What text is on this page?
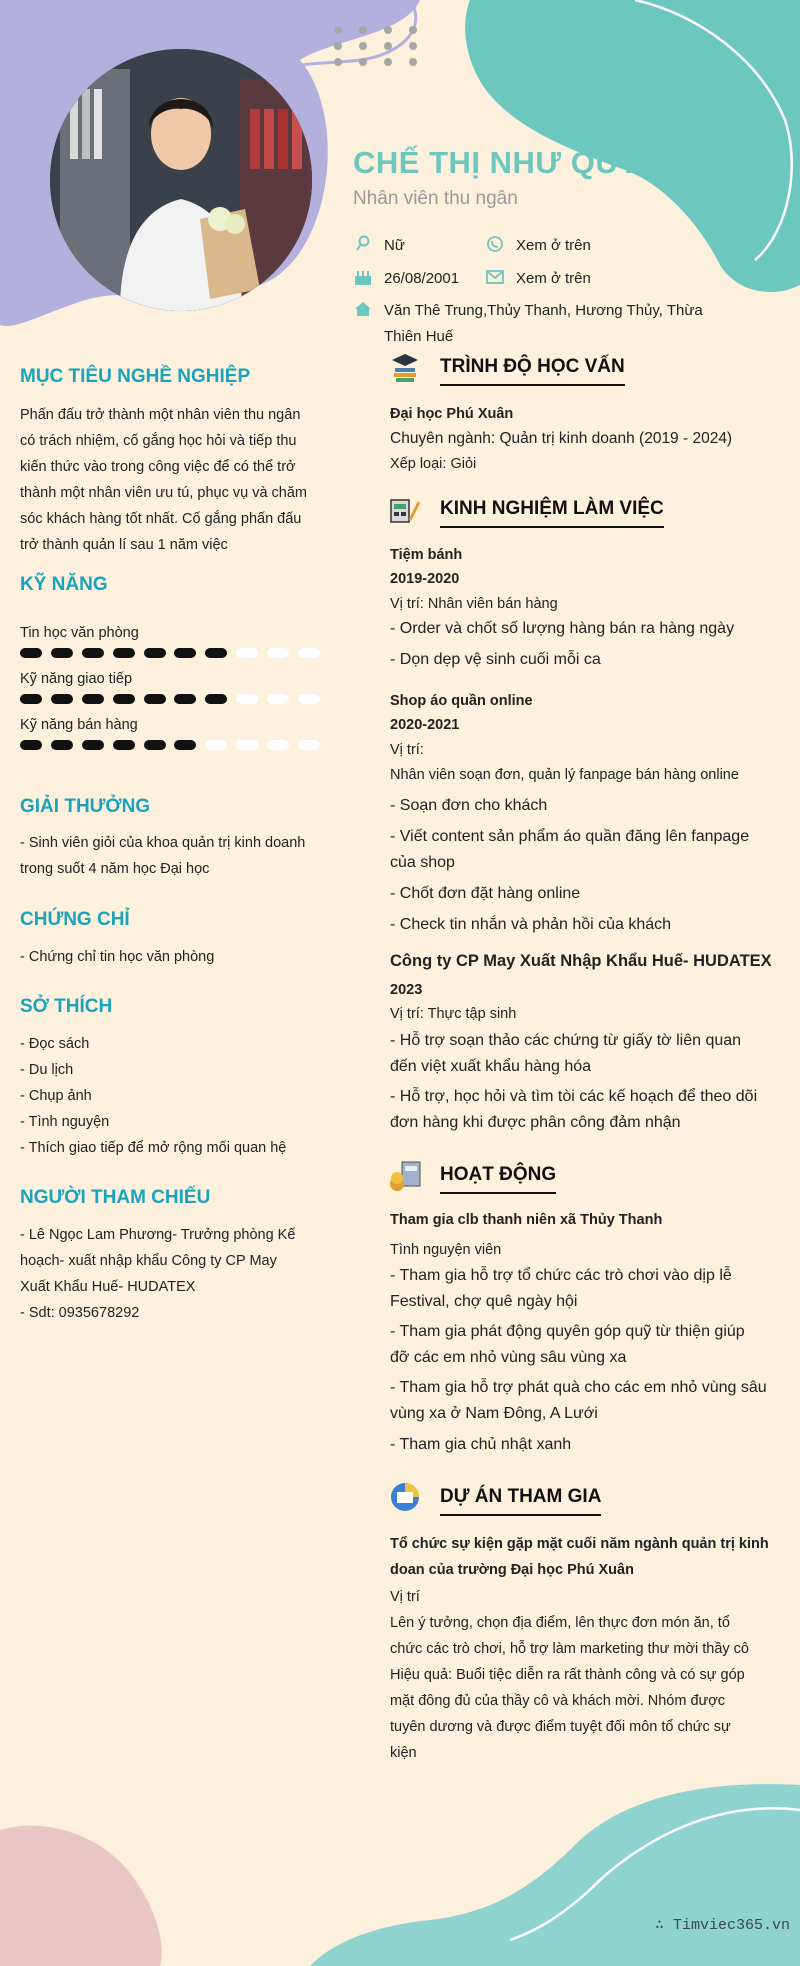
CHẾ THỊ NHƯ QUỲNH
Nhân viên thu ngân
Nữ	Xem ở trên
26/08/2001	Xem ở trên
Văn Thê Trung,Thủy Thanh, Hương Thủy, Thừa
Thiên Huế
MỤC TIÊU NGHỀ NGHIỆP
Phấn đấu trở thành một nhân viên thu ngân
có trách nhiệm, cố gắng học hỏi và tiếp thu
kiến thức vào trong công việc để có thể trở
thành một nhân viên ưu tú, phục vụ và chăm
sóc khách hàng tốt nhất. Cố gắng phấn đấu
trở thành quản lí sau 1 năm việc
KỸ NĂNG
Tin học văn phòng
Kỹ năng giao tiếp
Kỹ năng bán hàng
GIẢI THƯỞNG
- Sinh viên giỏi của khoa quản trị kinh doanh
trong suốt 4 năm học Đại học
CHỨNG CHỈ
- Chứng chỉ tin học văn phòng
SỞ THÍCH
- Đọc sách
- Du lịch
- Chụp ảnh
- Tình nguyện
- Thích giao tiếp để mở rộng mối quan hệ
NGƯỜI THAM CHIẾU
- Lê Ngọc Lam Phương- Trưởng phòng Kế
hoạch- xuất nhập khẩu Công ty CP May
Xuất Khẩu Huế- HUDATEX
- Sdt: 0935678292
TRÌNH ĐỘ HỌC VẤN
Đại học Phú Xuân
Chuyên ngành: Quản trị kinh doanh (2019 - 2024)
Xếp loại: Giỏi
KINH NGHIỆM LÀM VIỆC
Tiệm bánh
2019-2020
Vị trí: Nhân viên bán hàng
- Order và chốt số lượng hàng bán ra hàng ngày
- Dọn dẹp vệ sinh cuối mỗi ca
Shop áo quần online
2020-2021
Vị trí:
Nhân viên soạn đơn, quản lý fanpage bán hàng online
- Soạn đơn cho khách
- Viết content sản phẩm áo quần đăng lên fanpage
của shop
- Chốt đơn đặt hàng online
- Check tin nhắn và phản hồi của khách
Công ty CP May Xuất Nhập Khẩu Huế- HUDATEX
2023
Vị trí: Thực tập sinh
- Hỗ trợ soạn thảo các chứng từ giấy tờ liên quan
đến việt xuất khẩu hàng hóa
- Hỗ trợ, học hỏi và tìm tòi các kế hoạch để theo dõi
đơn hàng khi được phân công đảm nhận
HOẠT ĐỘNG
Tham gia clb thanh niên xã Thủy Thanh
Tình nguyện viên
- Tham gia hỗ trợ tổ chức các trò chơi vào dịp lễ
Festival, chợ quê ngày hội
- Tham gia phát động quyên góp quỹ từ thiện giúp
đỡ các em nhỏ vùng sâu vùng xa
- Tham gia hỗ trợ phát quà cho các em nhỏ vùng sâu
vùng xa ở Nam Đông, A Lưới
- Tham gia chủ nhật xanh
DỰ ÁN THAM GIA
Tổ chức sự kiện gặp mặt cuối năm ngành quản trị kinh
doan của trường Đại học Phú Xuân
Vị trí
Lên ý tưởng, chọn địa điểm, lên thực đơn món ăn, tổ
chức các trò chơi, hỗ trợ làm marketing thư mời thầy cô
Hiệu quả: Buổi tiệc diễn ra rất thành công và có sự góp
mặt đông đủ của thầy cô và khách mời. Nhóm được
tuyên dương và được điểm tuyệt đối môn tổ chức sự
kiện
∴ Timviec365.vn
